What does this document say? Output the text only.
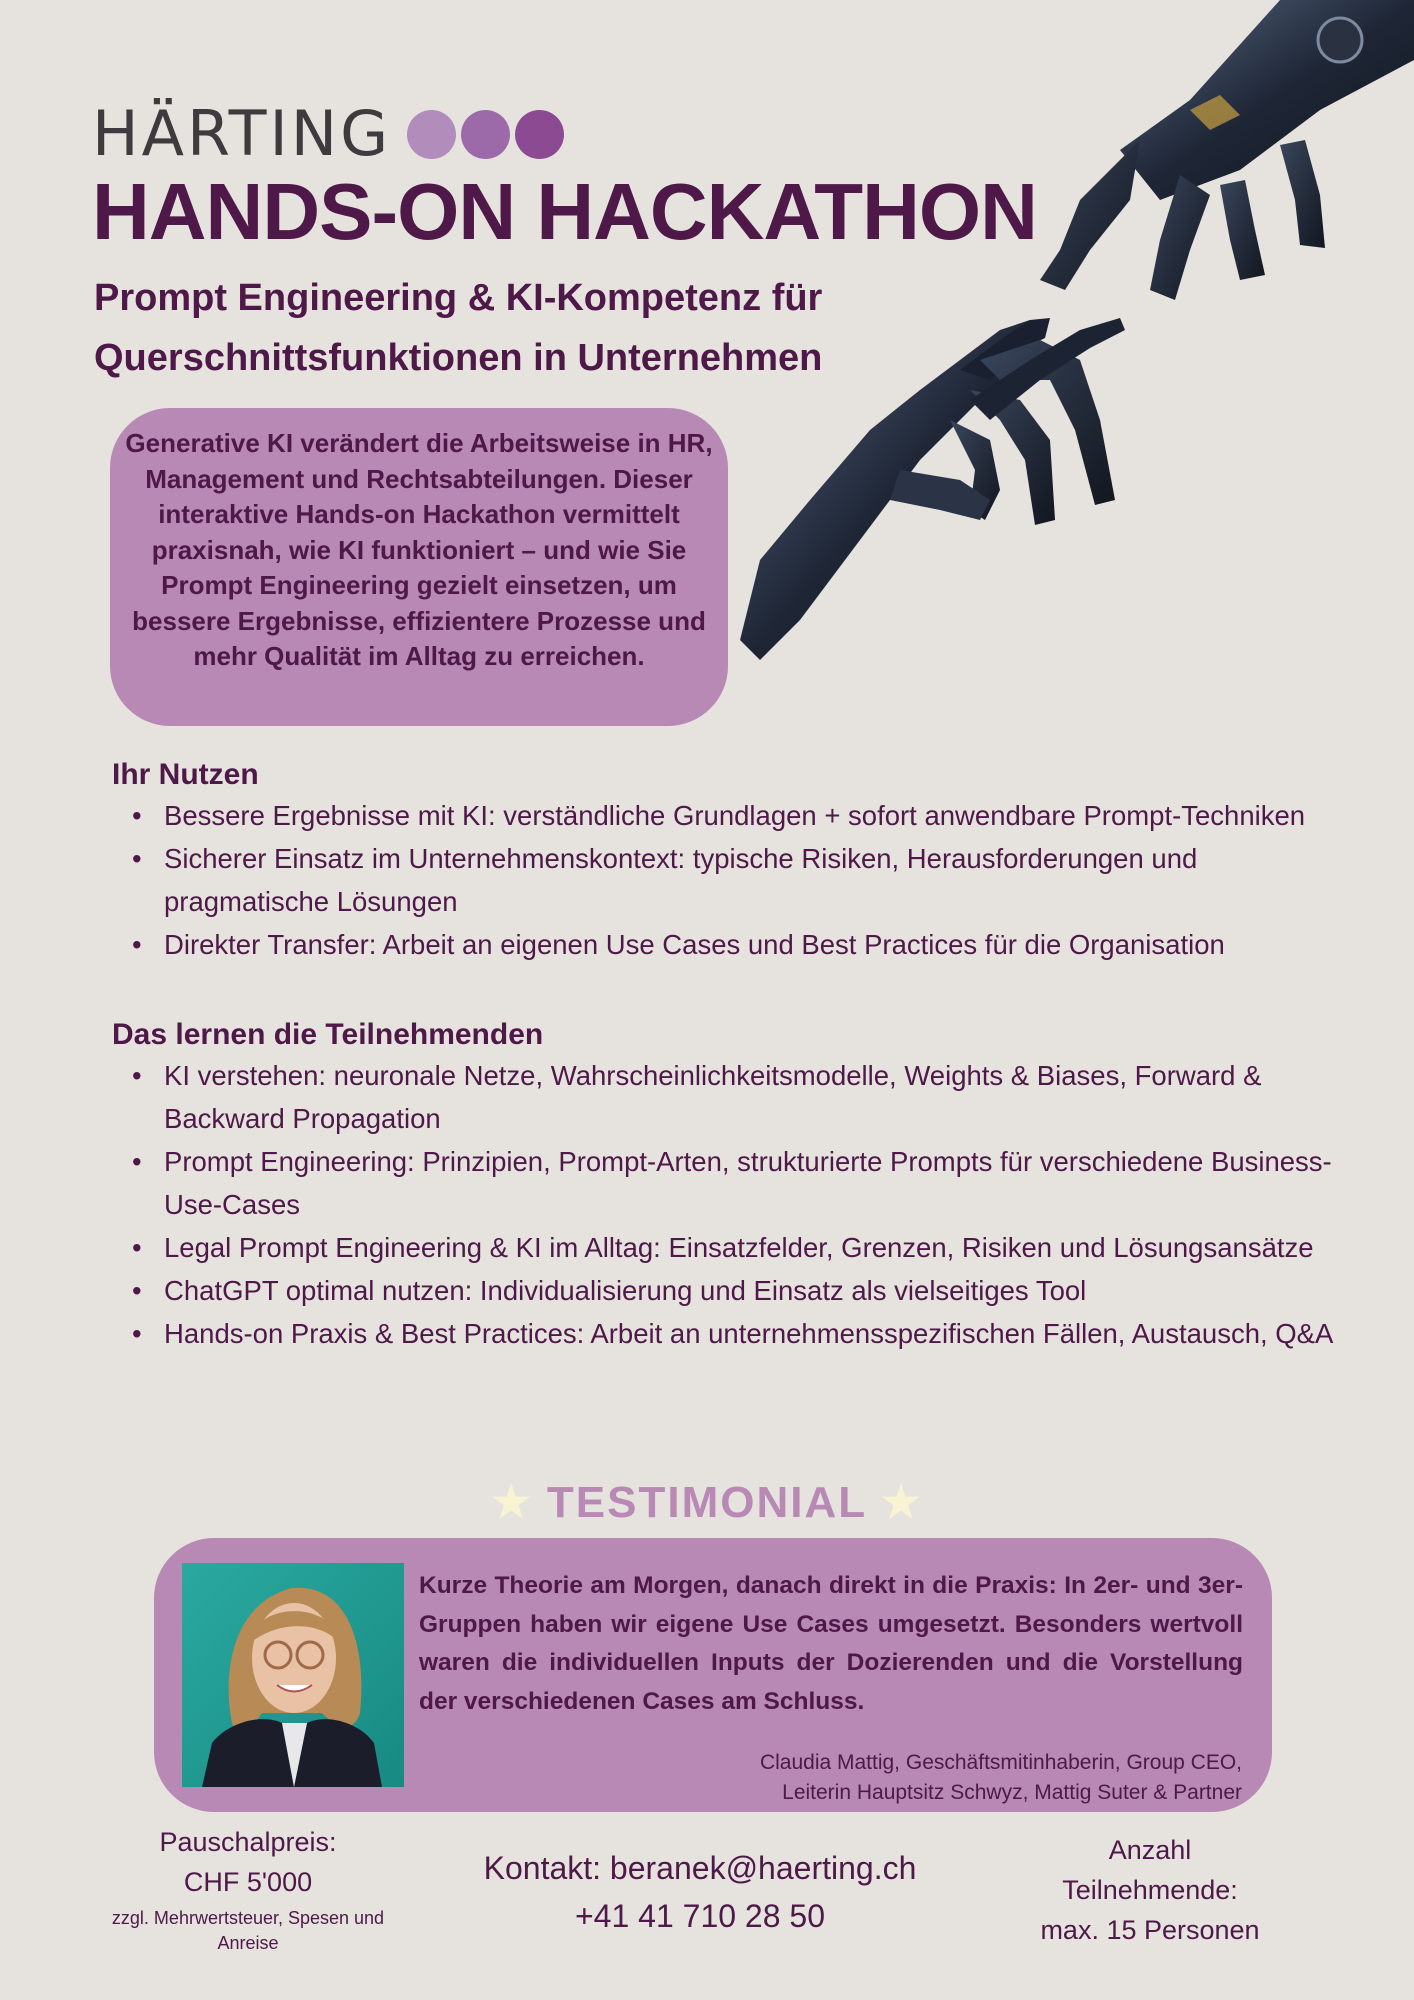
HÄRTING
HANDS-ON HACKATHON
Prompt Engineering & KI-Kompetenz für
Querschnittsfunktionen in Unternehmen
Generative KI verändert die Arbeitsweise in HR, Management und Rechtsabteilungen. Dieser interaktive Hands-on Hackathon vermittelt praxisnah, wie KI funktioniert – und wie Sie Prompt Engineering gezielt einsetzen, um bessere Ergebnisse, effizientere Prozesse und mehr Qualität im Alltag zu erreichen.
Ihr Nutzen
• Bessere Ergebnisse mit KI: verständliche Grundlagen + sofort anwendbare Prompt-Techniken
• Sicherer Einsatz im Unternehmenskontext: typische Risiken, Herausforderungen und pragmatische Lösungen
• Direkter Transfer: Arbeit an eigenen Use Cases und Best Practices für die Organisation
Das lernen die Teilnehmenden
• KI verstehen: neuronale Netze, Wahrscheinlichkeitsmodelle, Weights & Biases, Forward & Backward Propagation
• Prompt Engineering: Prinzipien, Prompt-Arten, strukturierte Prompts für verschiedene Business-Use-Cases
• Legal Prompt Engineering & KI im Alltag: Einsatzfelder, Grenzen, Risiken und Lösungsansätze
• ChatGPT optimal nutzen: Individualisierung und Einsatz als vielseitiges Tool
• Hands-on Praxis & Best Practices: Arbeit an unternehmensspezifischen Fällen, Austausch, Q&A
★ TESTIMONIAL ★
Kurze Theorie am Morgen, danach direkt in die Praxis: In 2er- und 3er-Gruppen haben wir eigene Use Cases umgesetzt. Besonders wertvoll waren die individuellen Inputs der Dozierenden und die Vorstellung der verschiedenen Cases am Schluss.
Claudia Mattig, Geschäftsmitinhaberin, Group CEO,
Leiterin Hauptsitz Schwyz, Mattig Suter & Partner
Pauschalpreis:
CHF 5'000
zzgl. Mehrwertsteuer, Spesen und Anreise
Kontakt: beranek@haerting.ch
+41 41 710 28 50
Anzahl
Teilnehmende:
max. 15 Personen
